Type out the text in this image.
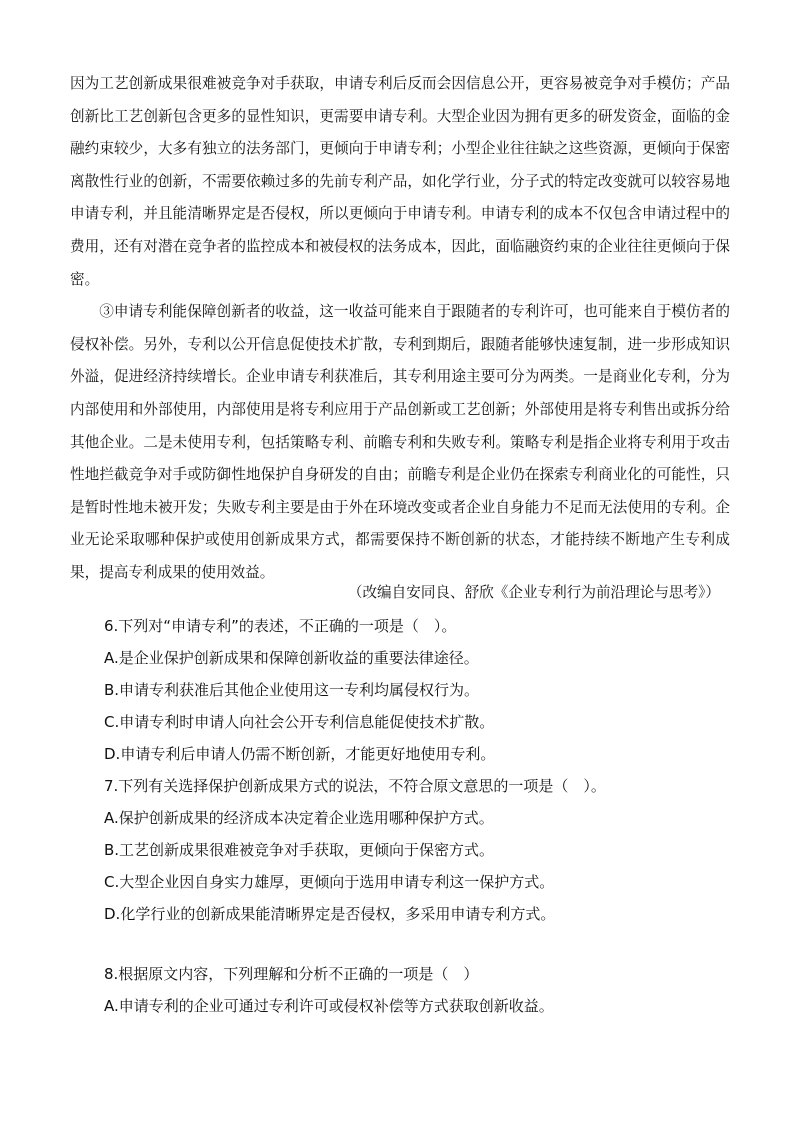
因为工艺创新成果很难被竞争对手获取，申请专利后反而会因信息公开，更容易被竞争对手模仿；产品创新比工艺创新包含更多的显性知识，更需要申请专利。大型企业因为拥有更多的研发资金，面临的金融约束较少，大多有独立的法务部门，更倾向于申请专利；小型企业往往缺之这些资源，更倾向于保密离散性行业的创新，不需要依赖过多的先前专利产品，如化学行业，分子式的特定改变就可以较容易地申请专利，并且能清晰界定是否侵权，所以更倾向于申请专利。申请专利的成本不仅包含申请过程中的费用，还有对潜在竞争者的监控成本和被侵权的法务成本，因此，面临融资约束的企业往往更倾向于保密。

③申请专利能保障创新者的收益，这一收益可能来自于跟随者的专利许可，也可能来自于模仿者的侵权补偿。另外，专利以公开信息促使技术扩散，专利到期后，跟随者能够快速复制，进一步形成知识外溢，促进经济持续增长。企业申请专利获准后，其专利用途主要可分为两类。一是商业化专利，分为内部使用和外部使用，内部使用是将专利应用于产品创新或工艺创新；外部使用是将专利售出或拆分给其他企业。二是未使用专利，包括策略专利、前瞻专利和失败专利。策略专利是指企业将专利用于攻击性地拦截竞争对手或防御性地保护自身研发的自由；前瞻专利是企业仍在探索专利商业化的可能性，只是暂时性地未被开发；失败专利主要是由于外在环境改变或者企业自身能力不足而无法使用的专利。企业无论采取哪种保护或使用创新成果方式，都需要保持不断创新的状态，才能持续不断地产生专利成果，提高专利成果的使用效益。

（改编自安同良、舒欣《企业专利行为前沿理论与思考》）

6.下列对“申请专利”的表述，不正确的一项是（　）。

A.是企业保护创新成果和保障创新收益的重要法律途径。

B.申请专利获准后其他企业使用这一专利均属侵权行为。

C.申请专利时申请人向社会公开专利信息能促使技术扩散。

D.申请专利后申请人仍需不断创新，才能更好地使用专利。

7.下列有关选择保护创新成果方式的说法，不符合原文意思的一项是（　）。

A.保护创新成果的经济成本决定着企业选用哪种保护方式。

B.工艺创新成果很难被竞争对手获取，更倾向于保密方式。

C.大型企业因自身实力雄厚，更倾向于选用申请专利这一保护方式。

D.化学行业的创新成果能清晰界定是否侵权，多采用申请专利方式。

8.根据原文内容，下列理解和分析不正确的一项是（　）

A.申请专利的企业可通过专利许可或侵权补偿等方式获取创新收益。
